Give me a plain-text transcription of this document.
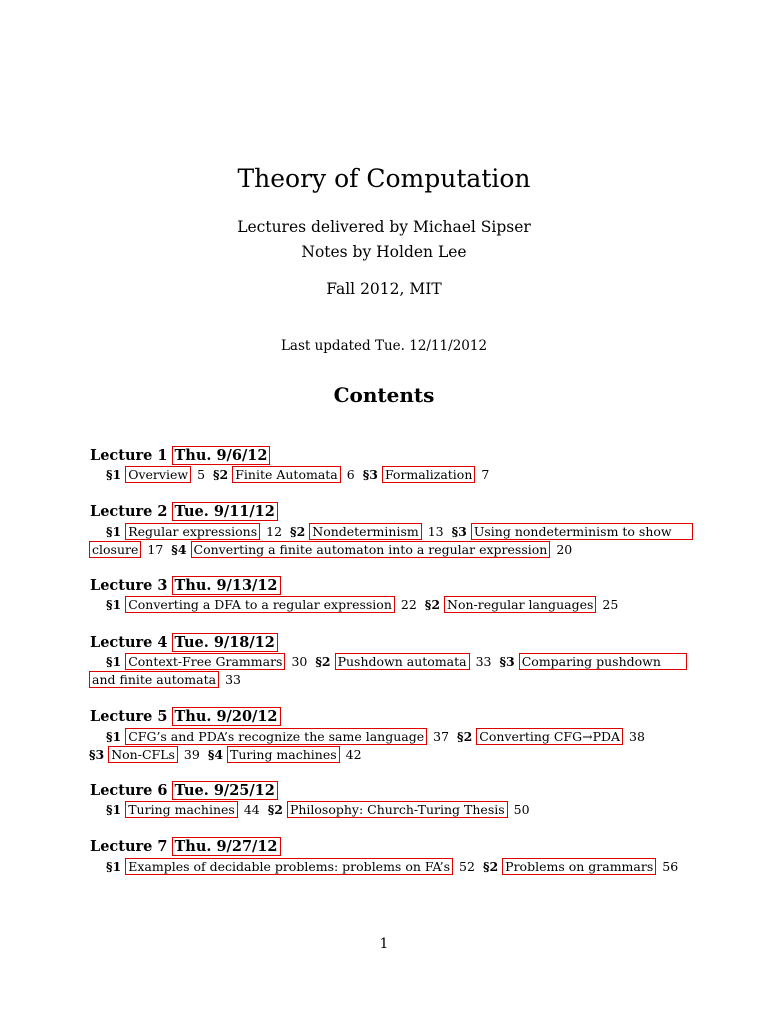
Theory of Computation
Lectures delivered by Michael Sipser
Notes by Holden Lee
Fall 2012, MIT
Last updated Tue. 12/11/2012
Contents
Lecture 1 Thu. 9/6/12
§1 Overview 5 §2 Finite Automata 6 §3 Formalization 7
Lecture 2 Tue. 9/11/12
§1 Regular expressions 12 §2 Nondeterminism 13 §3 Using nondeterminism to show
closure 17 §4 Converting a finite automaton into a regular expression 20
Lecture 3 Thu. 9/13/12
§1 Converting a DFA to a regular expression 22 §2 Non-regular languages 25
Lecture 4 Tue. 9/18/12
§1 Context-Free Grammars 30 §2 Pushdown automata 33 §3 Comparing pushdown
and finite automata 33
Lecture 5 Thu. 9/20/12
§1 CFG’s and PDA’s recognize the same language 37 §2 Converting CFG→PDA 38
§3 Non-CFLs 39 §4 Turing machines 42
Lecture 6 Tue. 9/25/12
§1 Turing machines 44 §2 Philosophy: Church-Turing Thesis 50
Lecture 7 Thu. 9/27/12
§1 Examples of decidable problems: problems on FA’s 52 §2 Problems on grammars 56
1
